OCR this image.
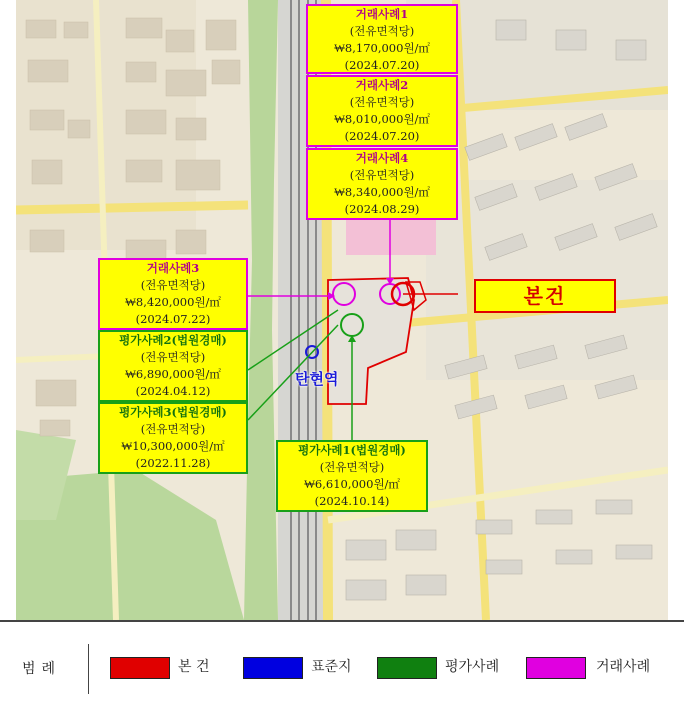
거래사례1
(전유면적당)
₩8,170,000원/㎡
(2024.07.20)
거래사례2
(전유면적당)
₩8,010,000원/㎡
(2024.07.20)
거래사례4
(전유면적당)
₩8,340,000원/㎡
(2024.08.29)
거래사례3
(전유면적당)
₩8,420,000원/㎡
(2024.07.22)
평가사례2(법원경매)
(전유면적당)
₩6,890,000원/㎡
(2024.04.12)
평가사례3(법원경매)
(전유면적당)
₩10,300,000원/㎡
(2022.11.28)
평가사례1(법원경매)
(전유면적당)
₩6,610,000원/㎡
(2024.10.14)
본건
탄현역
범례	본 건	표준지	평가사례	거래사례
